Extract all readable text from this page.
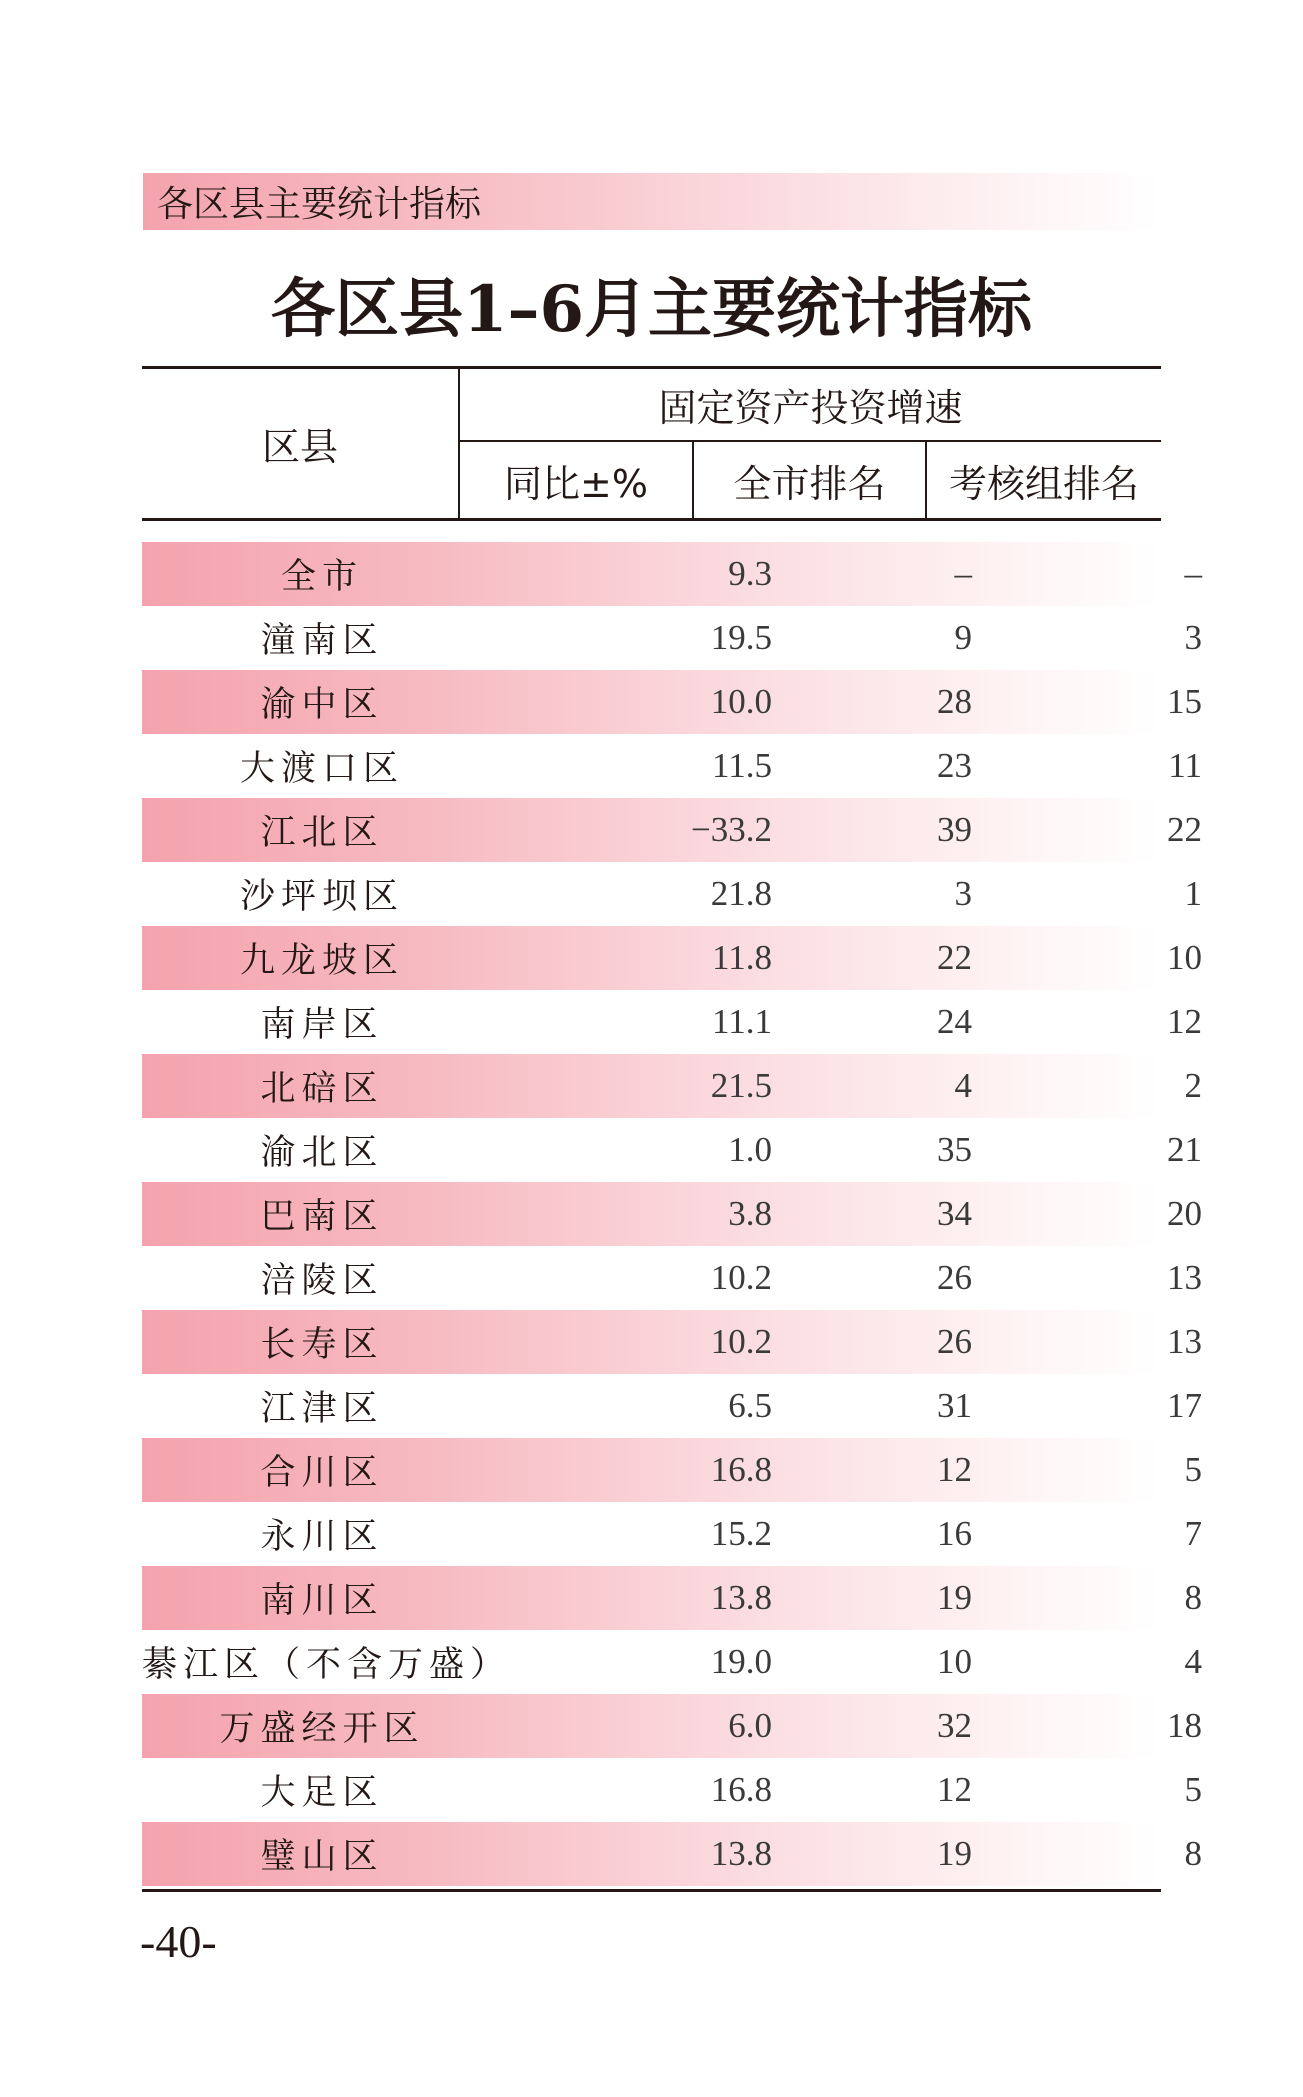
各区县主要统计指标
各区县1–6月主要统计指标
区县
固定资产投资增速
同比±%	全市排名	考核组排名
全市	9.3	–	–
潼南区	19.5	9	3
渝中区	10.0	28	15
大渡口区	11.5	23	11
江北区	−33.2	39	22
沙坪坝区	21.8	3	1
九龙坡区	11.8	22	10
南岸区	11.1	24	12
北碚区	21.5	4	2
渝北区	1.0	35	21
巴南区	3.8	34	20
涪陵区	10.2	26	13
长寿区	10.2	26	13
江津区	6.5	31	17
合川区	16.8	12	5
永川区	15.2	16	7
南川区	13.8	19	8
綦江区（不含万盛）	19.0	10	4
万盛经开区	6.0	32	18
大足区	16.8	12	5
璧山区	13.8	19	8
-40-
